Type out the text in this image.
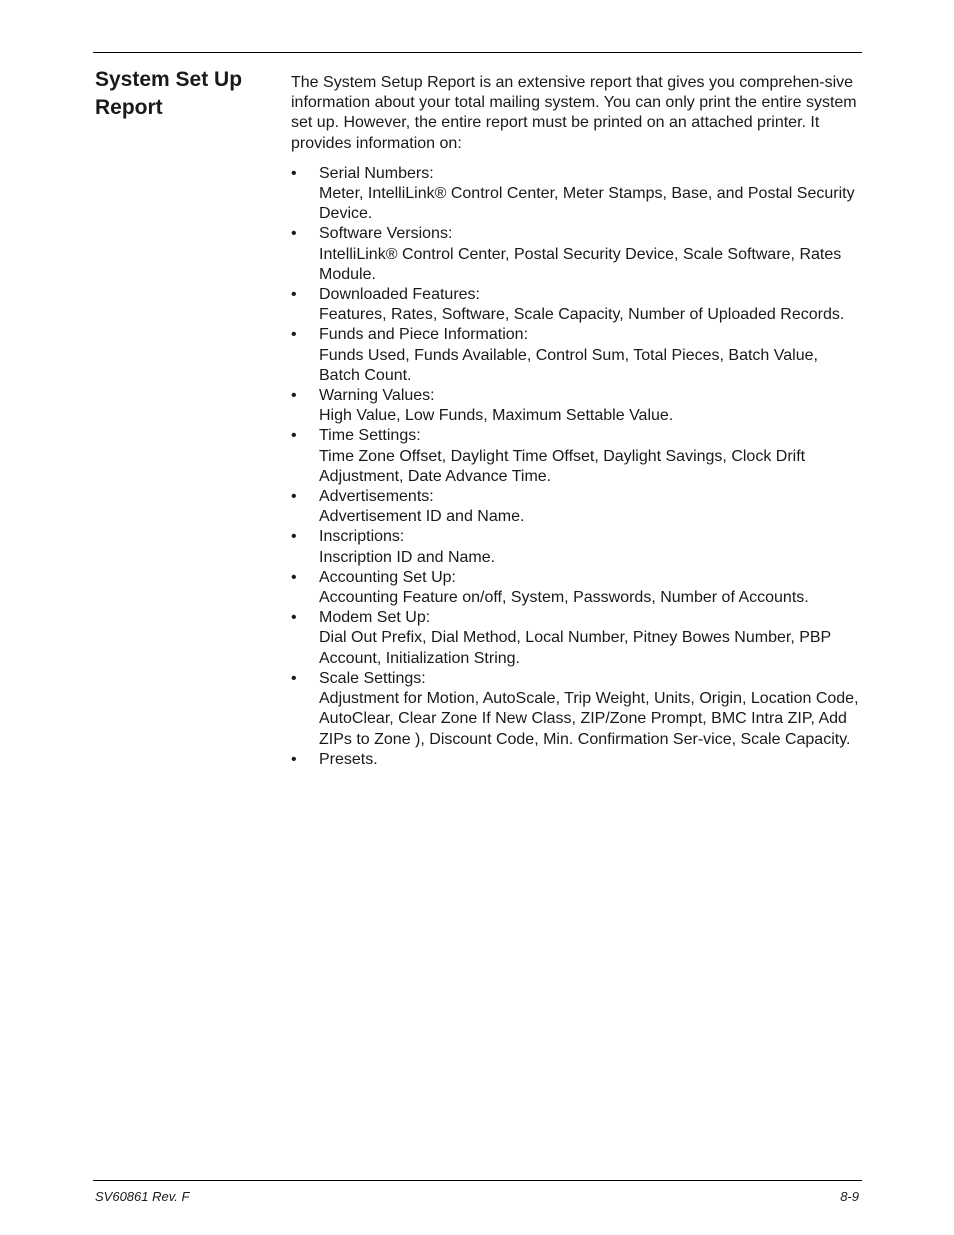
System Set Up Report

The System Setup Report is an extensive report that gives you comprehen-sive information about your total mailing system. You can only print the entire system set up. However, the entire report must be printed on an attached printer. It provides information on:

• Serial Numbers:
Meter, IntelliLink® Control Center, Meter Stamps, Base, and Postal Security Device.
• Software Versions:
IntelliLink® Control Center, Postal Security Device, Scale Software, Rates Module.
• Downloaded Features:
Features, Rates, Software, Scale Capacity, Number of Uploaded Records.
• Funds and Piece Information:
Funds Used, Funds Available, Control Sum, Total Pieces, Batch Value, Batch Count.
• Warning Values:
High Value, Low Funds, Maximum Settable Value.
• Time Settings:
Time Zone Offset, Daylight Time Offset, Daylight Savings, Clock Drift Adjustment, Date Advance Time.
• Advertisements:
Advertisement ID and Name.
• Inscriptions:
Inscription ID and Name.
• Accounting Set Up:
Accounting Feature on/off, System, Passwords, Number of Accounts.
• Modem Set Up:
Dial Out Prefix, Dial Method, Local Number, Pitney Bowes Number, PBP Account, Initialization String.
• Scale Settings:
Adjustment for Motion, AutoScale, Trip Weight, Units, Origin, Location Code, AutoClear, Clear Zone If New Class, ZIP/Zone Prompt, BMC Intra ZIP, Add ZIPs to Zone ), Discount Code, Min. Confirmation Ser-vice, Scale Capacity.
• Presets.
SV60861 Rev. F	8-9
